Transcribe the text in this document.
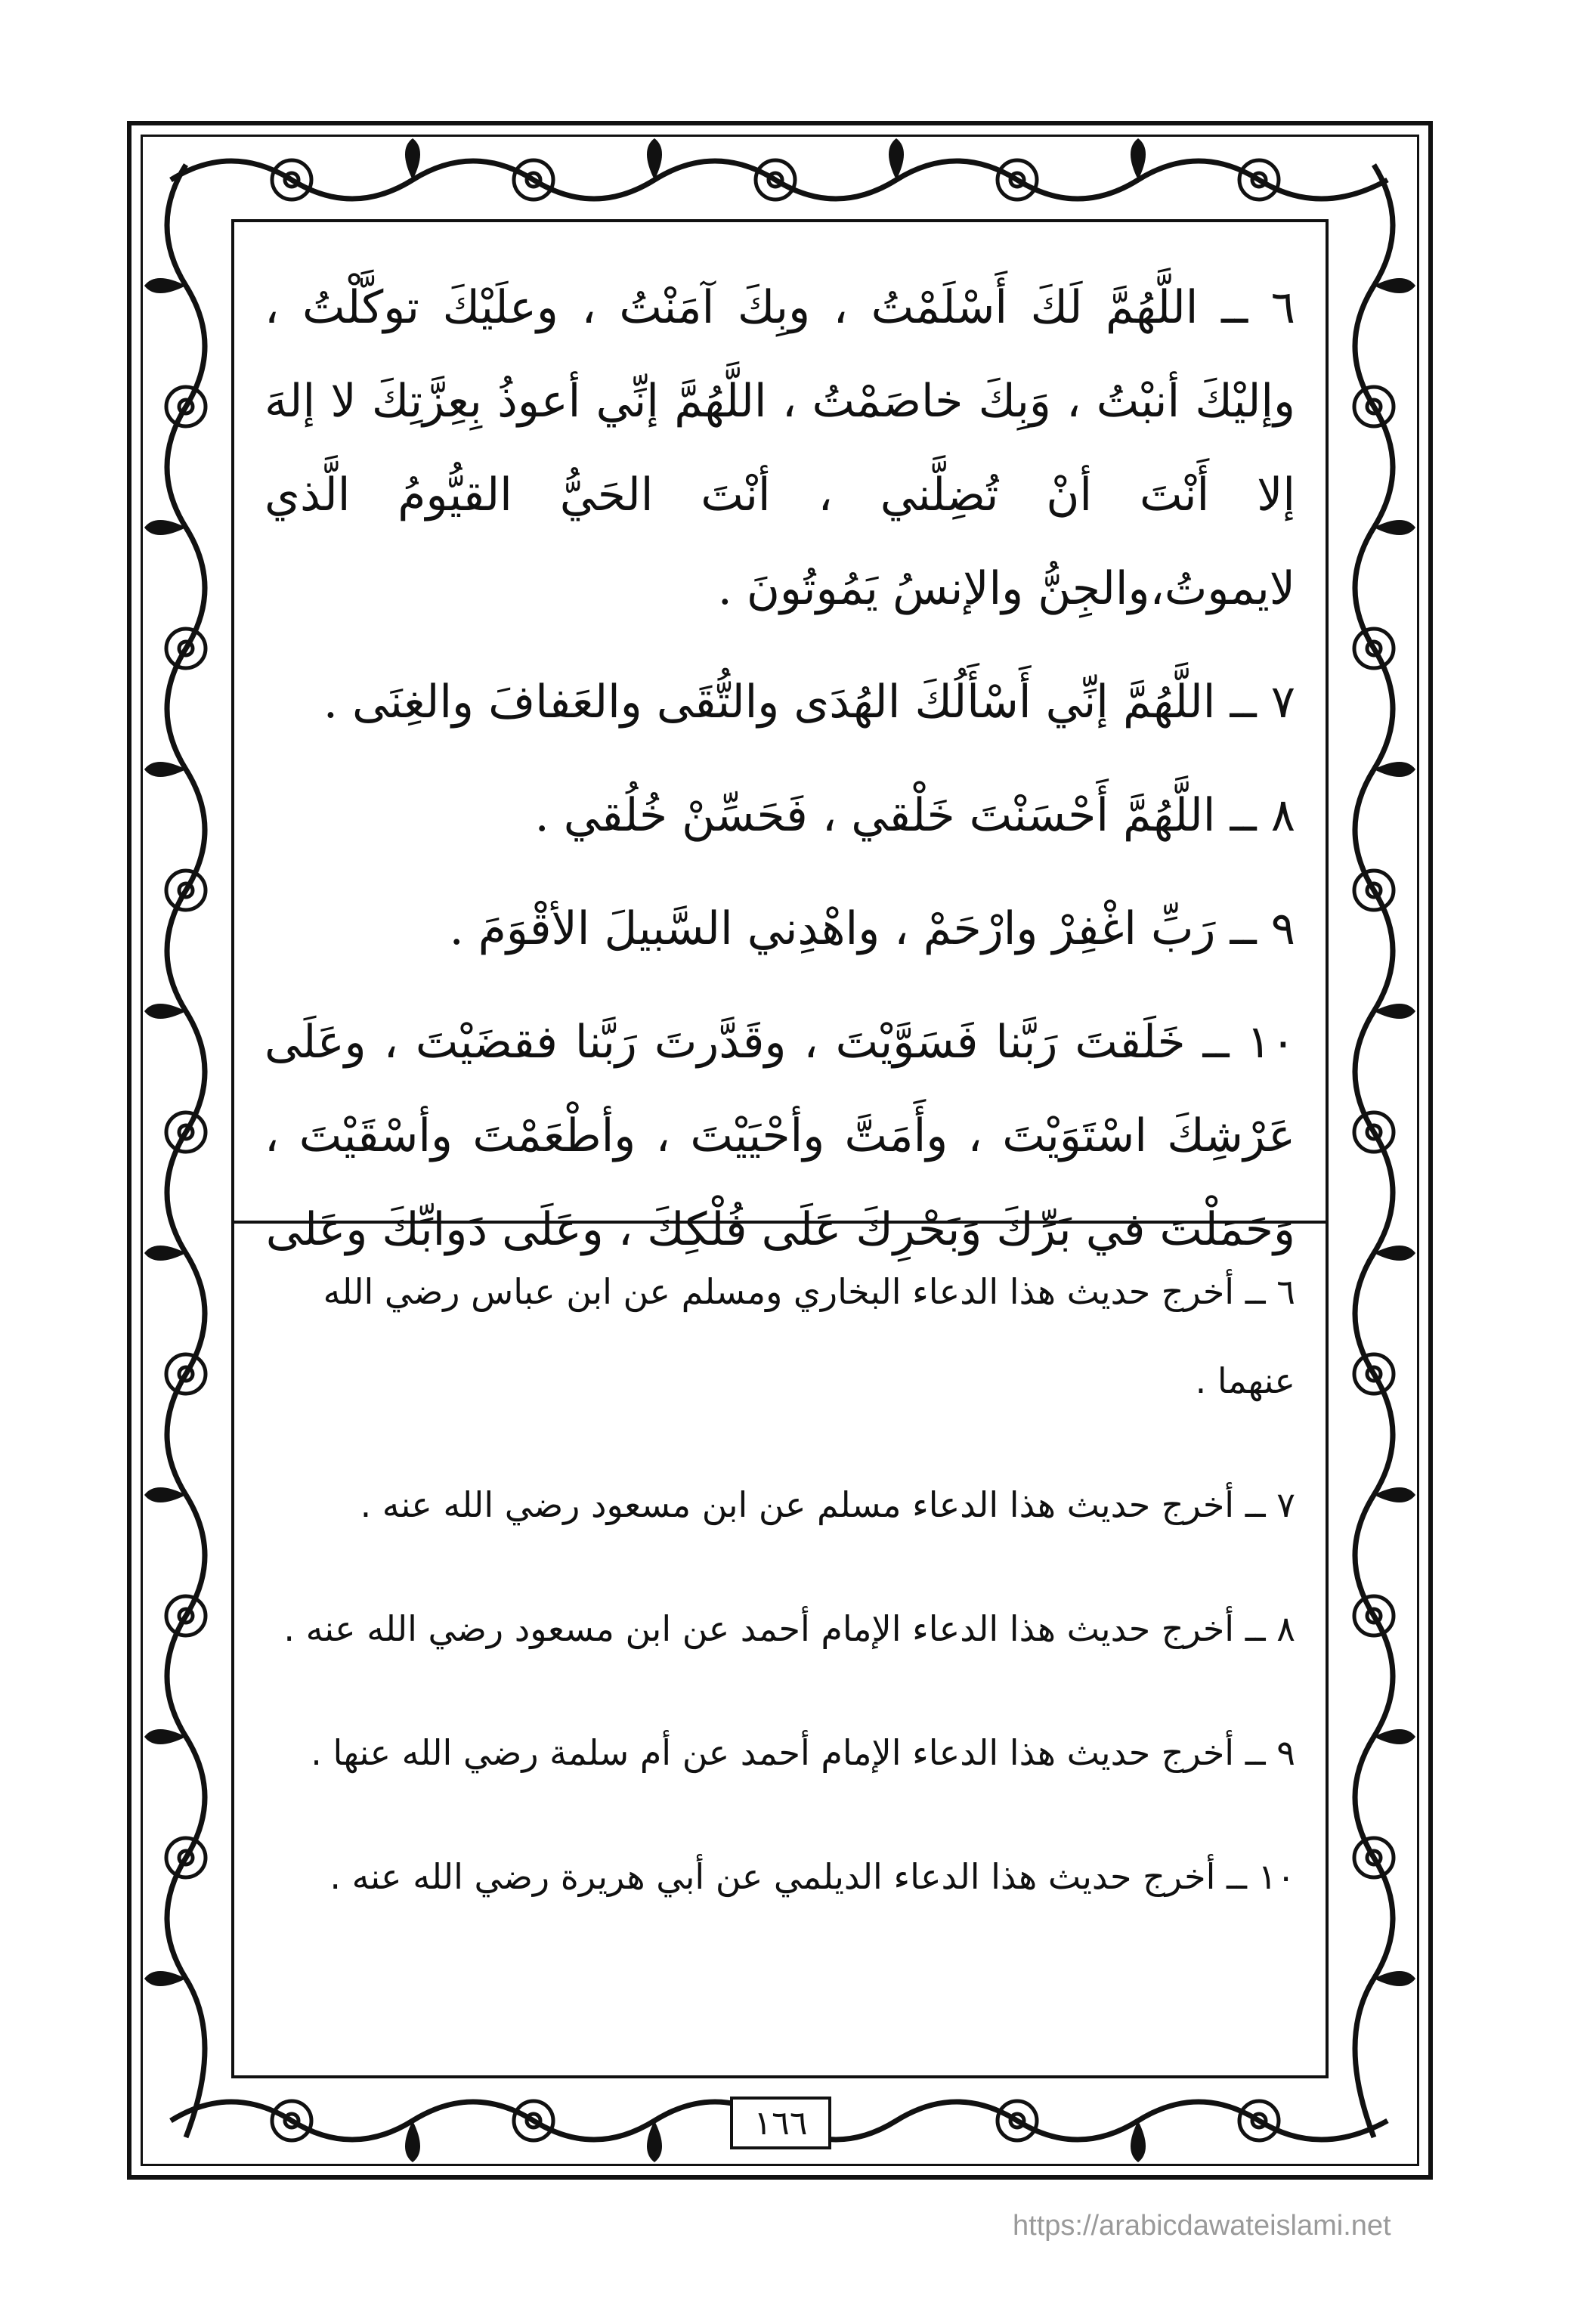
٦ ــ اللَّهُمَّ لَكَ أَسْلَمْتُ ، وبِكَ آمَنْتُ ، وعلَيْكَ توكَّلْتُ ، وإليْكَ أنبْتُ ، وَبِكَ خاصَمْتُ ، اللَّهُمَّ إنِّي أعوذُ بِعِزَّتِكَ لا إلهَ إلا أَنْتَ أنْ تُضِلَّني ، أنْتَ الحَيُّ القيُّومُ الَّذي لايموتُ،والجِنُّ والإنسُ يَمُوتُونَ .

٧ ــ اللَّهُمَّ إنِّي أَسْأَلُكَ الهُدَى والتُّقَى والعَفافَ والغِنَى .

٨ ــ اللَّهُمَّ أَحْسَنْتَ خَلْقي ، فَحَسِّنْ خُلُقي .

٩ ــ رَبِّ اغْفِرْ وارْحَمْ ، واهْدِني السَّبيلَ الأقْوَمَ .

١٠ ــ خَلَقتَ رَبَّنا فَسَوَّيْتَ ، وقَدَّرتَ رَبَّنا فقضَيْتَ ، وعَلَى عَرْشِكَ اسْتَوَيْتَ ، وأَمَتَّ وأحْيَيْتَ ، وأطْعَمْتَ وأسْقَيْتَ ، وَحَمَلْتَ في بَرِّكَ وَبَحْرِكَ عَلَى فُلْكِكَ ، وعَلَى دَوابِّكَ وعَلى

٦ ــ أخرج حديث هذا الدعاء البخاري ومسلم عن ابن عباس رضي الله عنهما .

٧ ــ أخرج حديث هذا الدعاء مسلم عن ابن مسعود رضي الله عنه .

٨ ــ أخرج حديث هذا الدعاء الإمام أحمد عن ابن مسعود رضي الله عنه .

٩ ــ أخرج حديث هذا الدعاء الإمام أحمد عن أم سلمة رضي الله عنها .

١٠ ــ أخرج حديث هذا الدعاء الديلمي عن أبي هريرة رضي الله عنه .

١٦٦
https://arabicdawateislami.net
